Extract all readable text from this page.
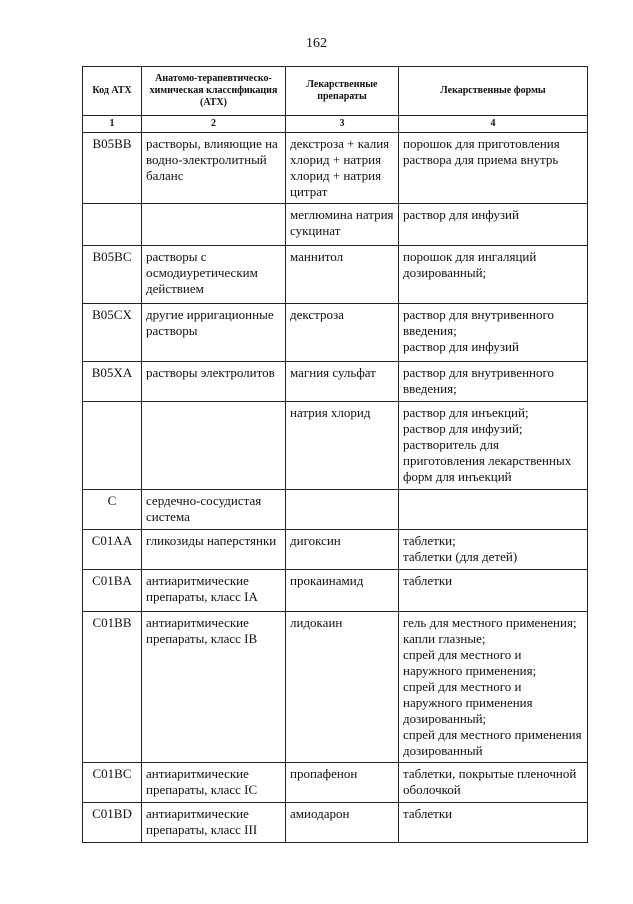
162
Код АТХ	Анатомо-терапевтическо-химическая классификация (АТХ)	Лекарственные препараты	Лекарственные формы
1	2	3	4
B05BB	растворы, влияющие на водно-электролитный баланс	декстроза + калия хлорид + натрия хлорид + натрия цитрат	порошок для приготовления раствора для приема внутрь
		меглюмина натрия сукцинат	раствор для инфузий
B05BC	растворы с осмодиуретическим действием	маннитол	порошок для ингаляций дозированный;
B05CX	другие ирригационные растворы	декстроза	раствор для внутривенного введения;
раствор для инфузий
B05XA	растворы электролитов	магния сульфат	раствор для внутривенного введения;
		натрия хлорид	раствор для инъекций;
раствор для инфузий;
растворитель для приготовления лекарственных форм для инъекций
C	сердечно-сосудистая система		
C01AA	гликозиды наперстянки	дигоксин	таблетки;
таблетки (для детей)
C01BA	антиаритмические препараты, класс IA	прокаинамид	таблетки
C01BB	антиаритмические препараты, класс IB	лидокаин	гель для местного применения;
капли глазные;
спрей для местного и наружного применения;
спрей для местного и наружного применения дозированный;
спрей для местного применения дозированный
C01BC	антиаритмические препараты, класс IC	пропафенон	таблетки, покрытые пленочной оболочкой
C01BD	антиаритмические препараты, класс III	амиодарон	таблетки
